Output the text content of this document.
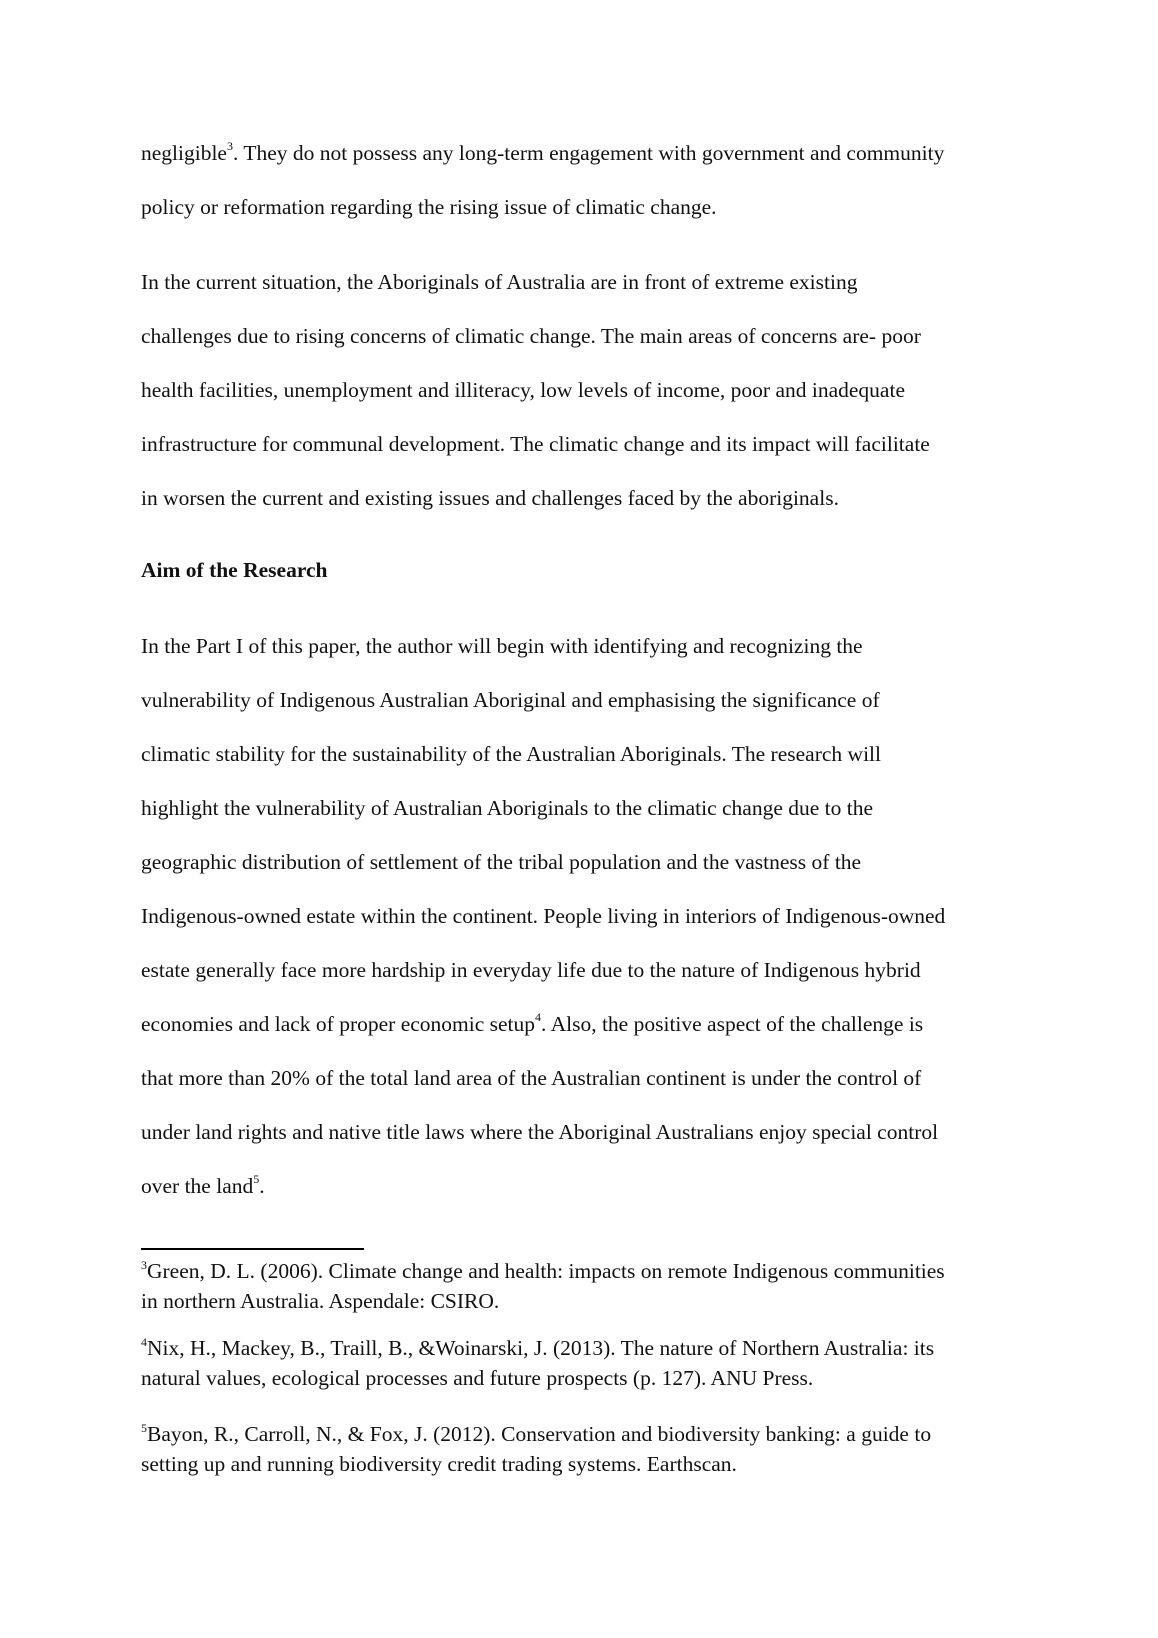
negligible$^3$. They do not possess any long-term engagement with government and community
policy or reformation regarding the rising issue of climatic change.

In the current situation, the Aboriginals of Australia are in front of extreme existing
challenges due to rising concerns of climatic change. The main areas of concerns are- poor
health facilities, unemployment and illiteracy, low levels of income, poor and inadequate
infrastructure for communal development. The climatic change and its impact will facilitate
in worsen the current and existing issues and challenges faced by the aboriginals.

Aim of the Research

In the Part I of this paper, the author will begin with identifying and recognizing the
vulnerability of Indigenous Australian Aboriginal and emphasising the significance of
climatic stability for the sustainability of the Australian Aboriginals. The research will
highlight the vulnerability of Australian Aboriginals to the climatic change due to the
geographic distribution of settlement of the tribal population and the vastness of the
Indigenous-owned estate within the continent. People living in interiors of Indigenous-owned
estate generally face more hardship in everyday life due to the nature of Indigenous hybrid
economies and lack of proper economic setup$^4$. Also, the positive aspect of the challenge is
that more than 20% of the total land area of the Australian continent is under the control of
under land rights and native title laws where the Aboriginal Australians enjoy special control
over the land$^5$.

$^3$Green, D. L. (2006). Climate change and health: impacts on remote Indigenous communities
in northern Australia. Aspendale: CSIRO.
$^4$Nix, H., Mackey, B., Traill, B., &Woinarski, J. (2013). The nature of Northern Australia: its
natural values, ecological processes and future prospects (p. 127). ANU Press.
$^5$Bayon, R., Carroll, N., & Fox, J. (2012). Conservation and biodiversity banking: a guide to
setting up and running biodiversity credit trading systems. Earthscan.
